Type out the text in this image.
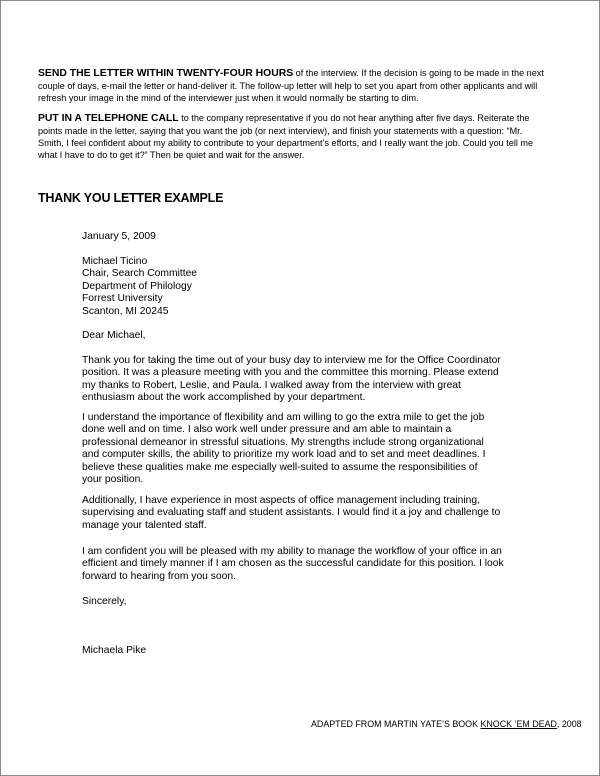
SEND THE LETTER WITHIN TWENTY-FOUR HOURS of the interview. If the decision is going to be made in the next
couple of days, e-mail the letter or hand-deliver it. The follow-up letter will help to set you apart from other applicants and will
refresh your image in the mind of the interviewer just when it would normally be starting to dim.

PUT IN A TELEPHONE CALL to the company representative if you do not hear anything after five days. Reiterate the
points made in the letter, saying that you want the job (or next interview), and finish your statements with a question: “Mr.
Smith, I feel confident about my ability to contribute to your department’s efforts, and I really want the job. Could you tell me
what I have to do to get it?” Then be quiet and wait for the answer.

THANK YOU LETTER EXAMPLE

January 5, 2009

Michael Ticino
Chair, Search Committee
Department of Philology
Forrest University
Scanton, MI 20245

Dear Michael,

Thank you for taking the time out of your busy day to interview me for the Office Coordinator
position. It was a pleasure meeting with you and the committee this morning. Please extend
my thanks to Robert, Leslie, and Paula. I walked away from the interview with great
enthusiasm about the work accomplished by your department.

I understand the importance of flexibility and am willing to go the extra mile to get the job
done well and on time. I also work well under pressure and am able to maintain a
professional demeanor in stressful situations. My strengths include strong organizational
and computer skills, the ability to prioritize my work load and to set and meet deadlines. I
believe these qualities make me especially well-suited to assume the responsibilities of
your position.

Additionally, I have experience in most aspects of office management including training,
supervising and evaluating staff and student assistants. I would find it a joy and challenge to
manage your talented staff.

I am confident you will be pleased with my ability to manage the workflow of your office in an
efficient and timely manner if I am chosen as the successful candidate for this position. I look
forward to hearing from you soon.

Sincerely,

Michaela Pike

ADAPTED FROM MARTIN YATE’S BOOK KNOCK ‘EM DEAD, 2008
